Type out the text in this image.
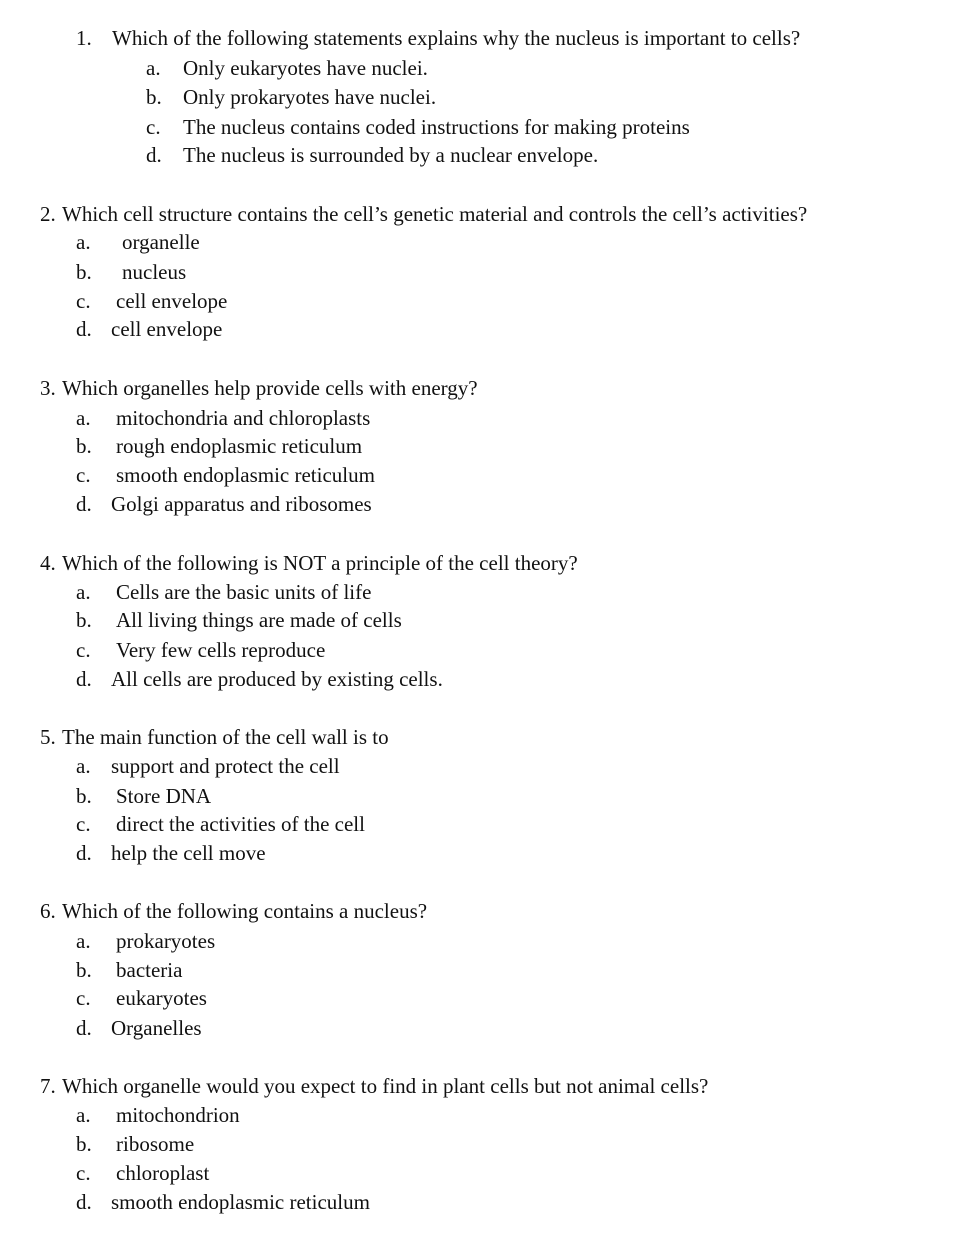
1. Which of the following statements explains why the nucleus is important to cells?
a. Only eukaryotes have nuclei.
b. Only prokaryotes have nuclei.
c. The nucleus contains coded instructions for making proteins
d. The nucleus is surrounded by a nuclear envelope.
2. Which cell structure contains the cell’s genetic material and controls the cell’s activities?
a. organelle
b. nucleus
c. cell envelope
d. cell envelope
3. Which organelles help provide cells with energy?
a. mitochondria and chloroplasts
b. rough endoplasmic reticulum
c. smooth endoplasmic reticulum
d. Golgi apparatus and ribosomes
4. Which of the following is NOT a principle of the cell theory?
a. Cells are the basic units of life
b. All living things are made of cells
c. Very few cells reproduce
d. All cells are produced by existing cells.
5. The main function of the cell wall is to
a. support and protect the cell
b. Store DNA
c. direct the activities of the cell
d. help the cell move
6. Which of the following contains a nucleus?
a. prokaryotes
b. bacteria
c. eukaryotes
d. Organelles
7. Which organelle would you expect to find in plant cells but not animal cells?
a. mitochondrion
b. ribosome
c. chloroplast
d. smooth endoplasmic reticulum
